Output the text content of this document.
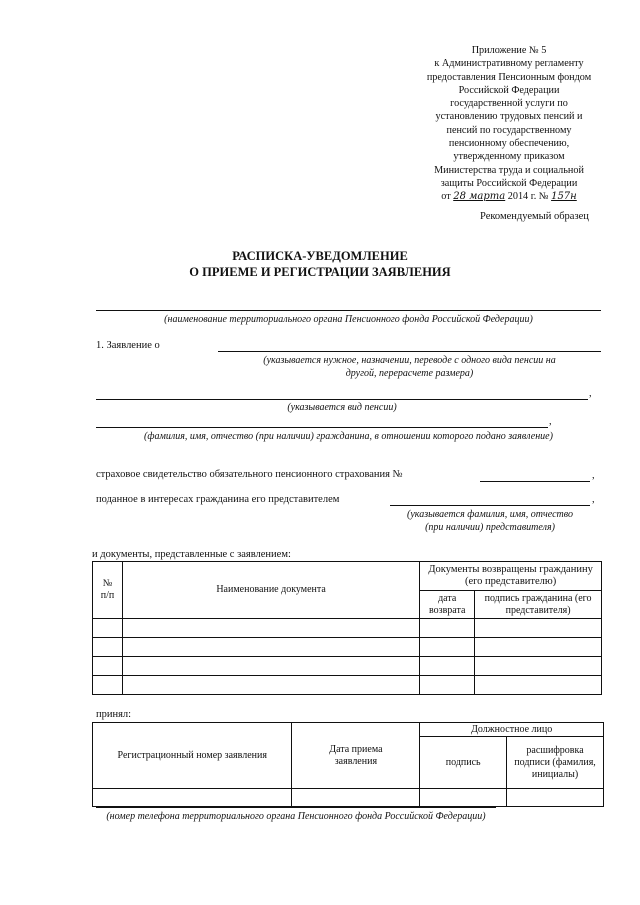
Приложение № 5
к Административному регламенту
предоставления Пенсионным фондом
Российской Федерации
государственной услуги по
установлению трудовых пенсий и
пенсий по государственному
пенсионному обеспечению,
утвержденному приказом
Министерства труда и социальной
защиты Российской Федерации
от 28 марта 2014 г. № 157н
Рекомендуемый образец
РАСПИСКА-УВЕДОМЛЕНИЕ
О ПРИЕМЕ И РЕГИСТРАЦИИ ЗАЯВЛЕНИЯ
(наименование территориального органа Пенсионного фонда Российской Федерации)
1. Заявление о
(указывается нужное, назначении, переводе с одного вида пенсии на
другой, перерасчете размера)
,
(указывается вид пенсии)
,
(фамилия, имя, отчество (при наличии) гражданина, в отношении которого подано заявление)
страховое свидетельство обязательного пенсионного страхования №	,
поданное в интересах гражданина его представителем	,
(указывается фамилия, имя, отчество
(при наличии) представителя)
и документы, представленные с заявлением:
№
п/п	Наименование документа	Документы возвращены гражданину (его представителю)	
		дата возврата	подпись гражданина (его представителя)

принял:
Регистрационный номер заявления	Дата приема заявления	Должностное лицо	
		подпись	расшифровка подписи (фамилия, инициалы)

(номер телефона территориального органа Пенсионного фонда Российской Федерации)
